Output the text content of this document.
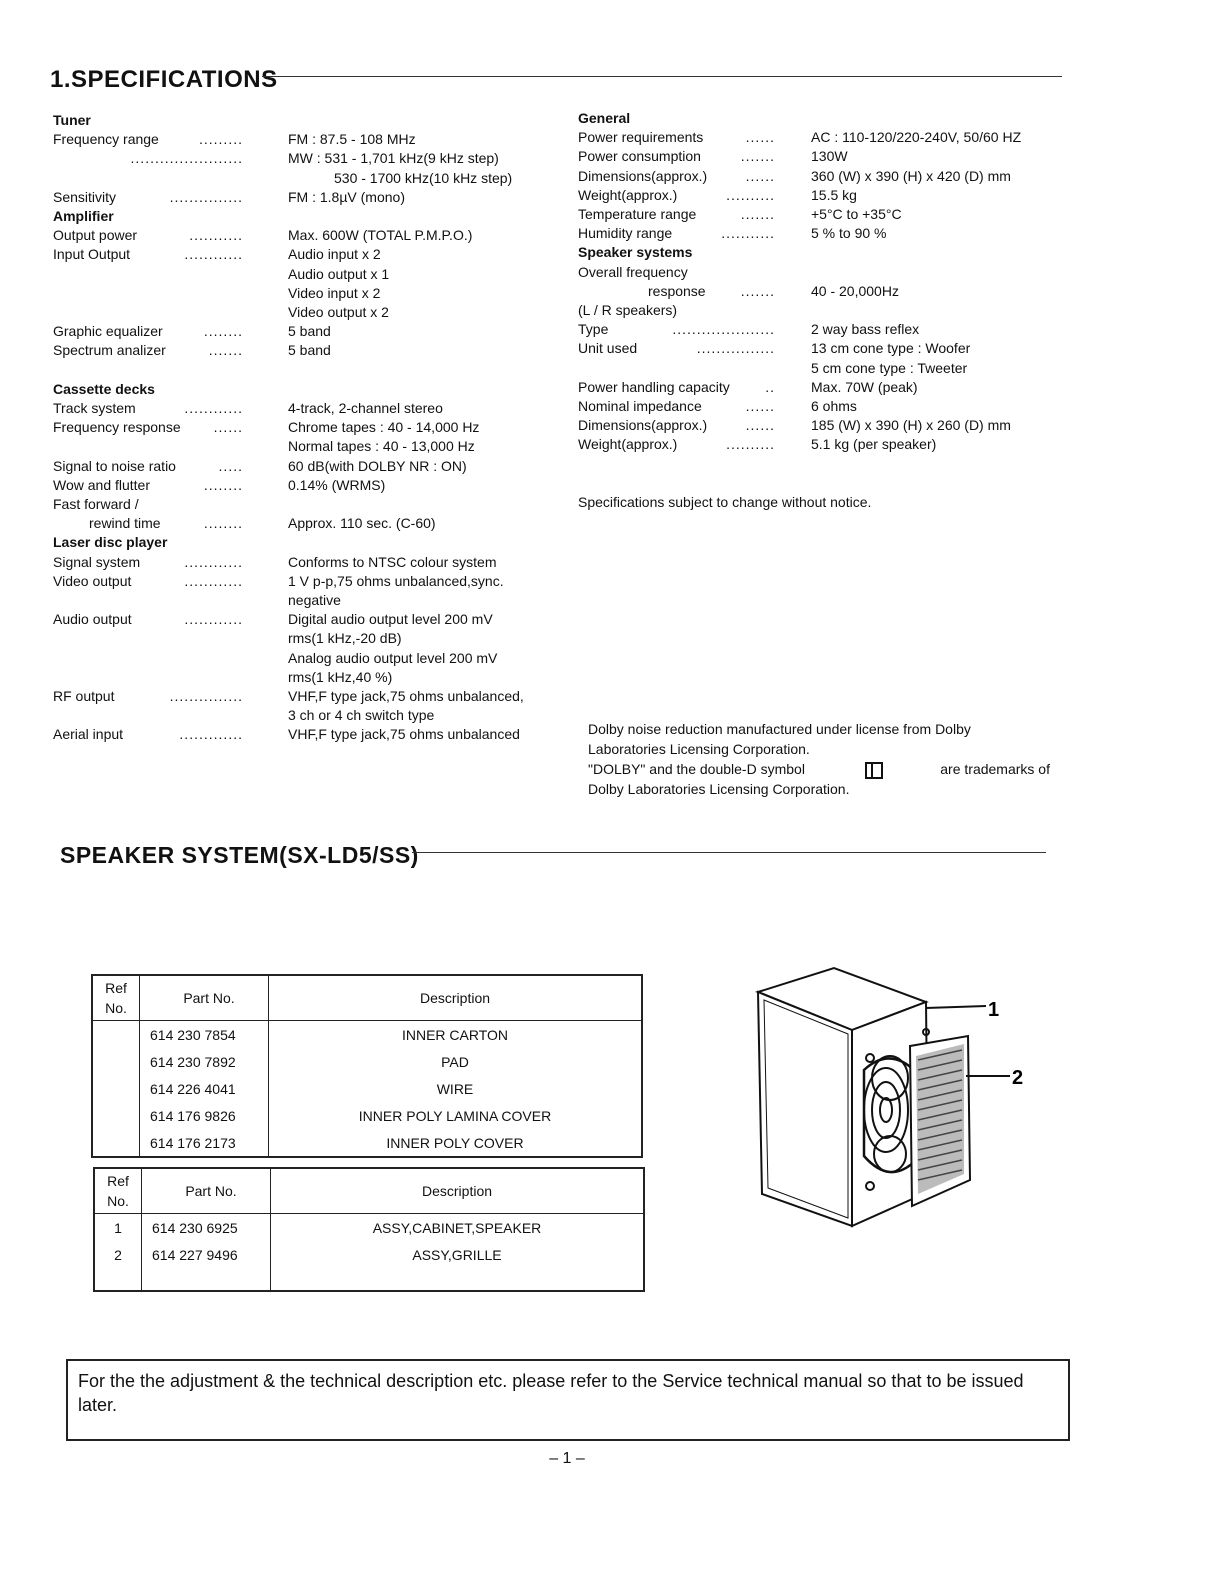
1.SPECIFICATIONS
Tuner
Frequency range	.........	FM : 87.5 - 108 MHz
.......................	MW : 531 - 1,701 kHz(9 kHz step)
530 - 1700 kHz(10 kHz step)
Sensitivity	...............	FM : 1.8µV (mono)
Amplifier
Output power	...........	Max. 600W (TOTAL P.M.P.O.)
Input Output	............	Audio input x 2
Audio output x 1
Video input x 2
Video output x 2
Graphic equalizer	........	5 band
Spectrum analizer	.......	5 band
Cassette decks
Track system	............	4-track, 2-channel stereo
Frequency response ......	Chrome tapes : 40 - 14,000 Hz
Normal tapes : 40 - 13,000 Hz
Signal to noise ratio	.....	60 dB(with DOLBY NR : ON)
Wow and flutter	........	0.14% (WRMS)
Fast forward /
rewind time	........	Approx. 110 sec. (C-60)
Laser disc player
Signal system	............	Conforms to NTSC colour system
Video output	............	1 V p-p,75 ohms unbalanced,sync.
negative
Audio output	............	Digital audio output level 200 mV
rms(1 kHz,-20 dB)
Analog audio output level 200 mV
rms(1 kHz,40 %)
RF output	...............	VHF,F type jack,75 ohms unbalanced,
3 ch or 4 ch switch type
Aerial input	.............	VHF,F type jack,75 ohms unbalanced
General
Power requirements	......	AC : 110-120/220-240V, 50/60 HZ
Power consumption	.......	130W
Dimensions(approx.)	......	360 (W) x 390 (H) x 420 (D) mm
Weight(approx.)	..........	15.5 kg
Temperature range	.......	+5°C to +35°C
Humidity range	...........	5 % to 90 %
Speaker systems
Overall frequency
response	.......	40 - 20,000Hz
(L / R speakers)
Type	.....................	2 way bass reflex
Unit used	................	13 cm cone type : Woofer
5 cm cone type : Tweeter
Power handling capacity	..	Max. 70W (peak)
Nominal impedance	......	6 ohms
Dimensions(approx.)	......	185 (W) x 390 (H) x 260 (D) mm
Weight(approx.)	..........	5.1 kg (per speaker)
Specifications subject to change without notice.
Dolby noise reduction manufactured under license from Dolby
Laboratories Licensing Corporation.
"DOLBY" and the double-D symbol	are trademarks of
Dolby Laboratories Licensing Corporation.
SPEAKER SYSTEM(SX-LD5/SS)
Ref
No.	Part No.	Description
	614 230 7854	INNER CARTON
	614 230 7892	PAD
	614 226 4041	WIRE
	614 176 9826	INNER POLY LAMINA COVER
	614 176 2173	INNER POLY COVER
Ref
No.	Part No.	Description
1	614 230 6925	ASSY,CABINET,SPEAKER
2	614 227 9496	ASSY,GRILLE

1
2
For the the adjustment & the technical description etc. please refer to the Service technical manual so that to be issued later.
– 1 –
